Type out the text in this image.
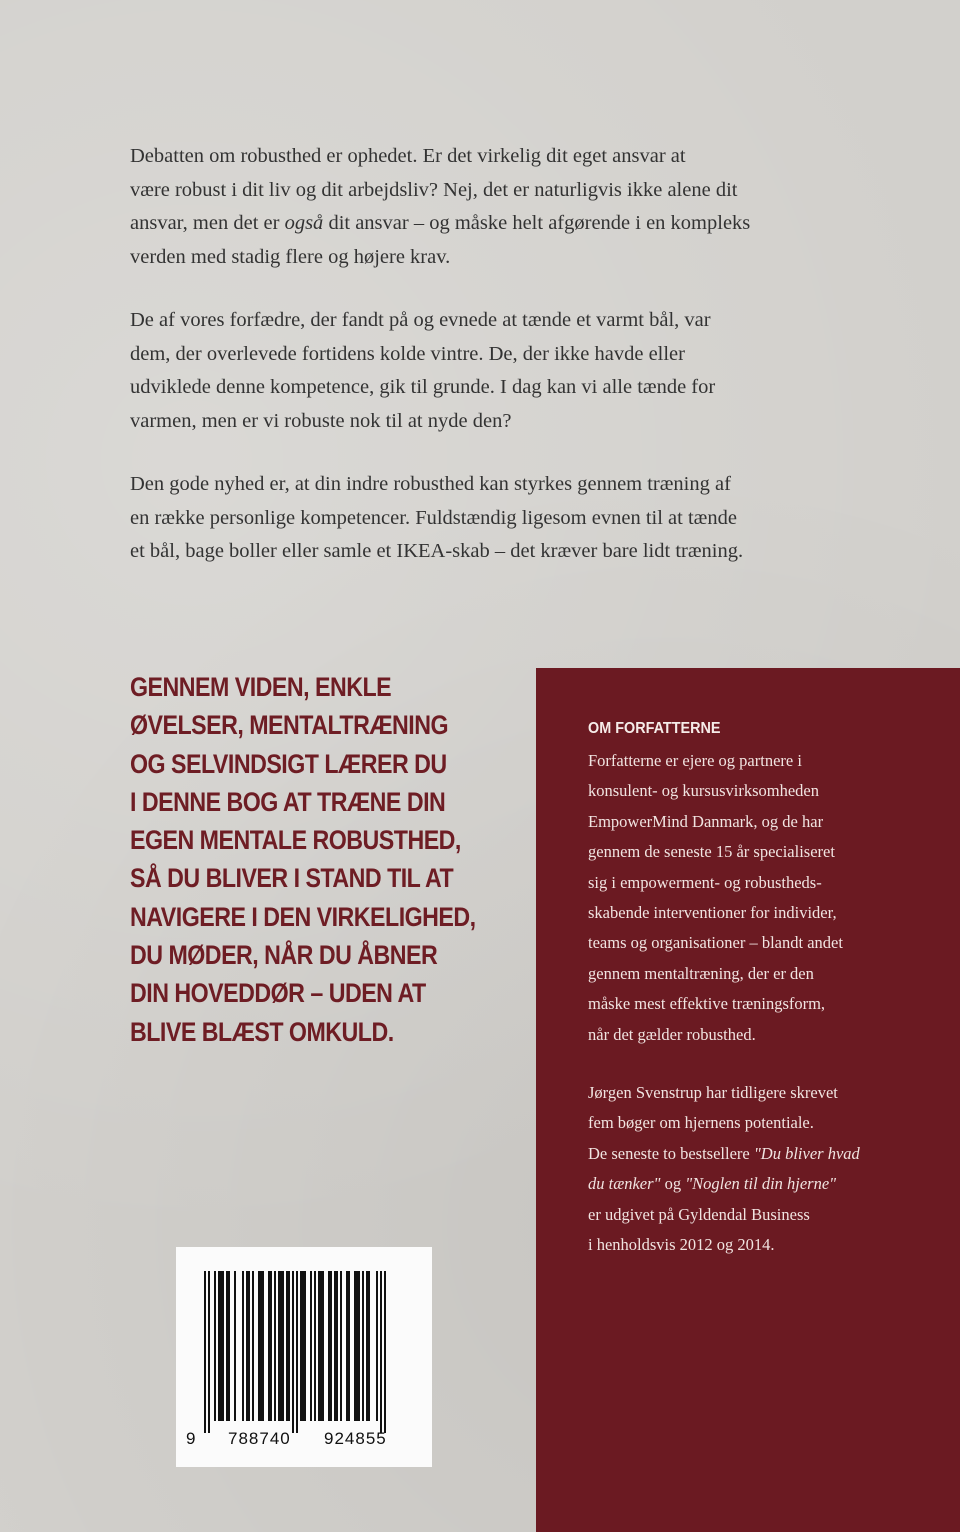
Debatten om robusthed er ophedet. Er det virkelig dit eget ansvar at
være robust i dit liv og dit arbejdsliv? Nej, det er naturligvis ikke alene dit
ansvar, men det er også dit ansvar – og måske helt afgørende i en kompleks
verden med stadig flere og højere krav.

De af vores forfædre, der fandt på og evnede at tænde et varmt bål, var
dem, der overlevede fortidens kolde vintre. De, der ikke havde eller
udviklede denne kompetence, gik til grunde. I dag kan vi alle tænde for
varmen, men er vi robuste nok til at nyde den?

Den gode nyhed er, at din indre robusthed kan styrkes gennem træning af
en række personlige kompetencer. Fuldstændig ligesom evnen til at tænde
et bål, bage boller eller samle et IKEA-skab – det kræver bare lidt træning.

GENNEM VIDEN, ENKLE
ØVELSER, MENTALTRÆNING
OG SELVINDSIGT LÆRER DU
I DENNE BOG AT TRÆNE DIN
EGEN MENTALE ROBUSTHED,
SÅ DU BLIVER I STAND TIL AT
NAVIGERE I DEN VIRKELIGHED,
DU MØDER, NÅR DU ÅBNER
DIN HOVEDDØR – UDEN AT
BLIVE BLÆST OMKULD.
OM FORFATTERNE

Forfatterne er ejere og partnere i
konsulent- og kursusvirksomheden
EmpowerMind Danmark, og de har
gennem de seneste 15 år specialiseret
sig i empowerment- og robustheds-
skabende interventioner for individer,
teams og organisationer – blandt andet
gennem mentaltræning, der er den
måske mest effektive træningsform,
når det gælder robusthed.

Jørgen Svenstrup har tidligere skrevet
fem bøger om hjernens potentiale.
De seneste to bestsellere "Du bliver hvad
du tænker" og "Noglen til din hjerne"
er udgivet på Gyldendal Business
i henholdsvis 2012 og 2014.

9 788740 924855
